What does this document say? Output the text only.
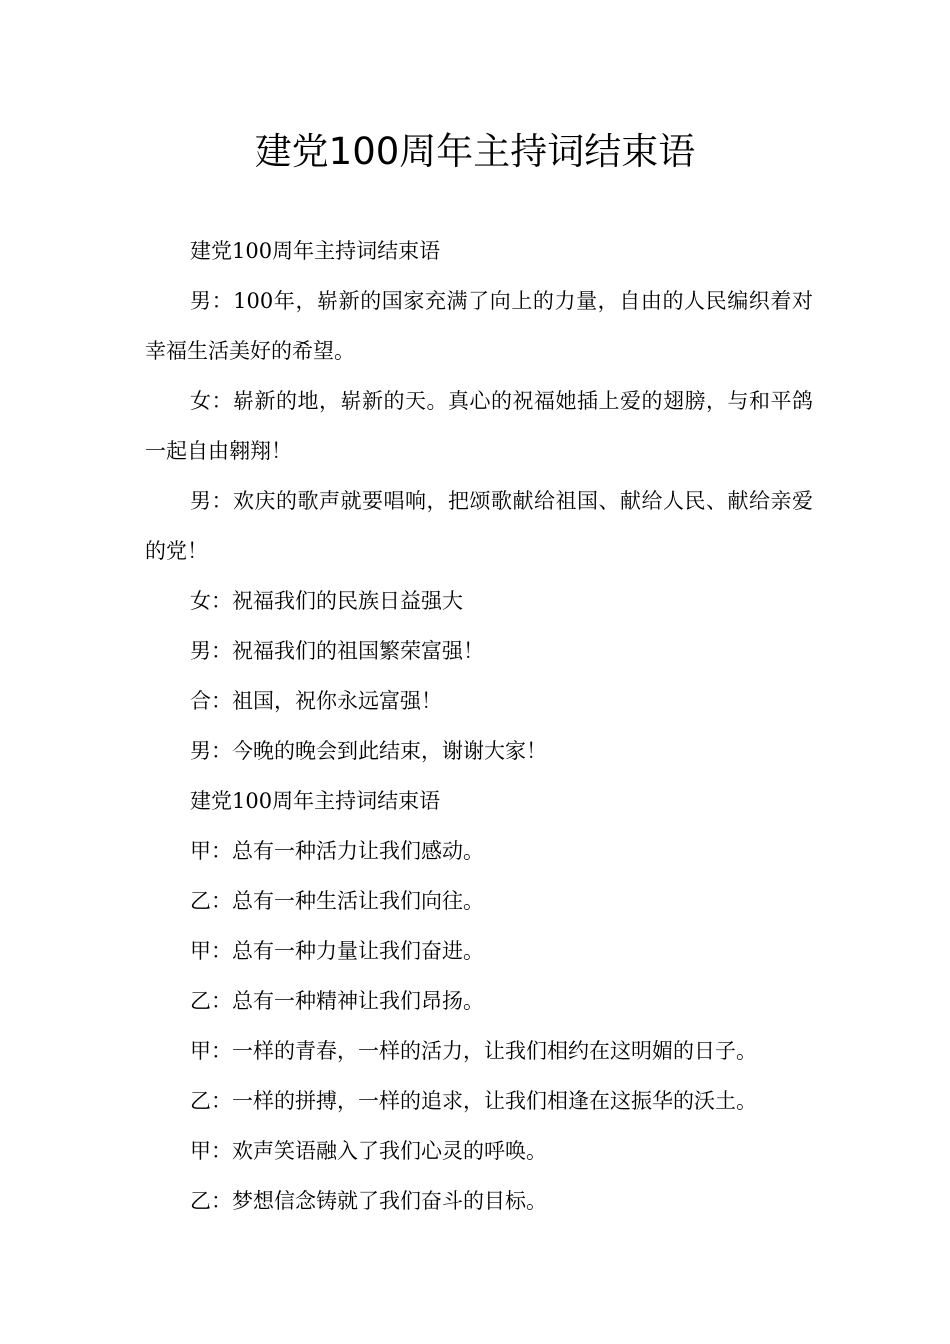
建党100周年主持词结束语

建党100周年主持词结束语

男：100年，崭新的国家充满了向上的力量，自由的人民编织着对幸福生活美好的希望。

女：崭新的地，崭新的天。真心的祝福她插上爱的翅膀，与和平鸽一起自由翱翔！

男：欢庆的歌声就要唱响，把颂歌献给祖国、献给人民、献给亲爱的党！

女：祝福我们的民族日益强大

男：祝福我们的祖国繁荣富强！

合：祖国，祝你永远富强！

男：今晚的晚会到此结束，谢谢大家！

建党100周年主持词结束语

甲：总有一种活力让我们感动。

乙：总有一种生活让我们向往。

甲：总有一种力量让我们奋进。

乙：总有一种精神让我们昂扬。

甲：一样的青春，一样的活力，让我们相约在这明媚的日子。

乙：一样的拼搏，一样的追求，让我们相逢在这振华的沃土。

甲：欢声笑语融入了我们心灵的呼唤。

乙：梦想信念铸就了我们奋斗的目标。
